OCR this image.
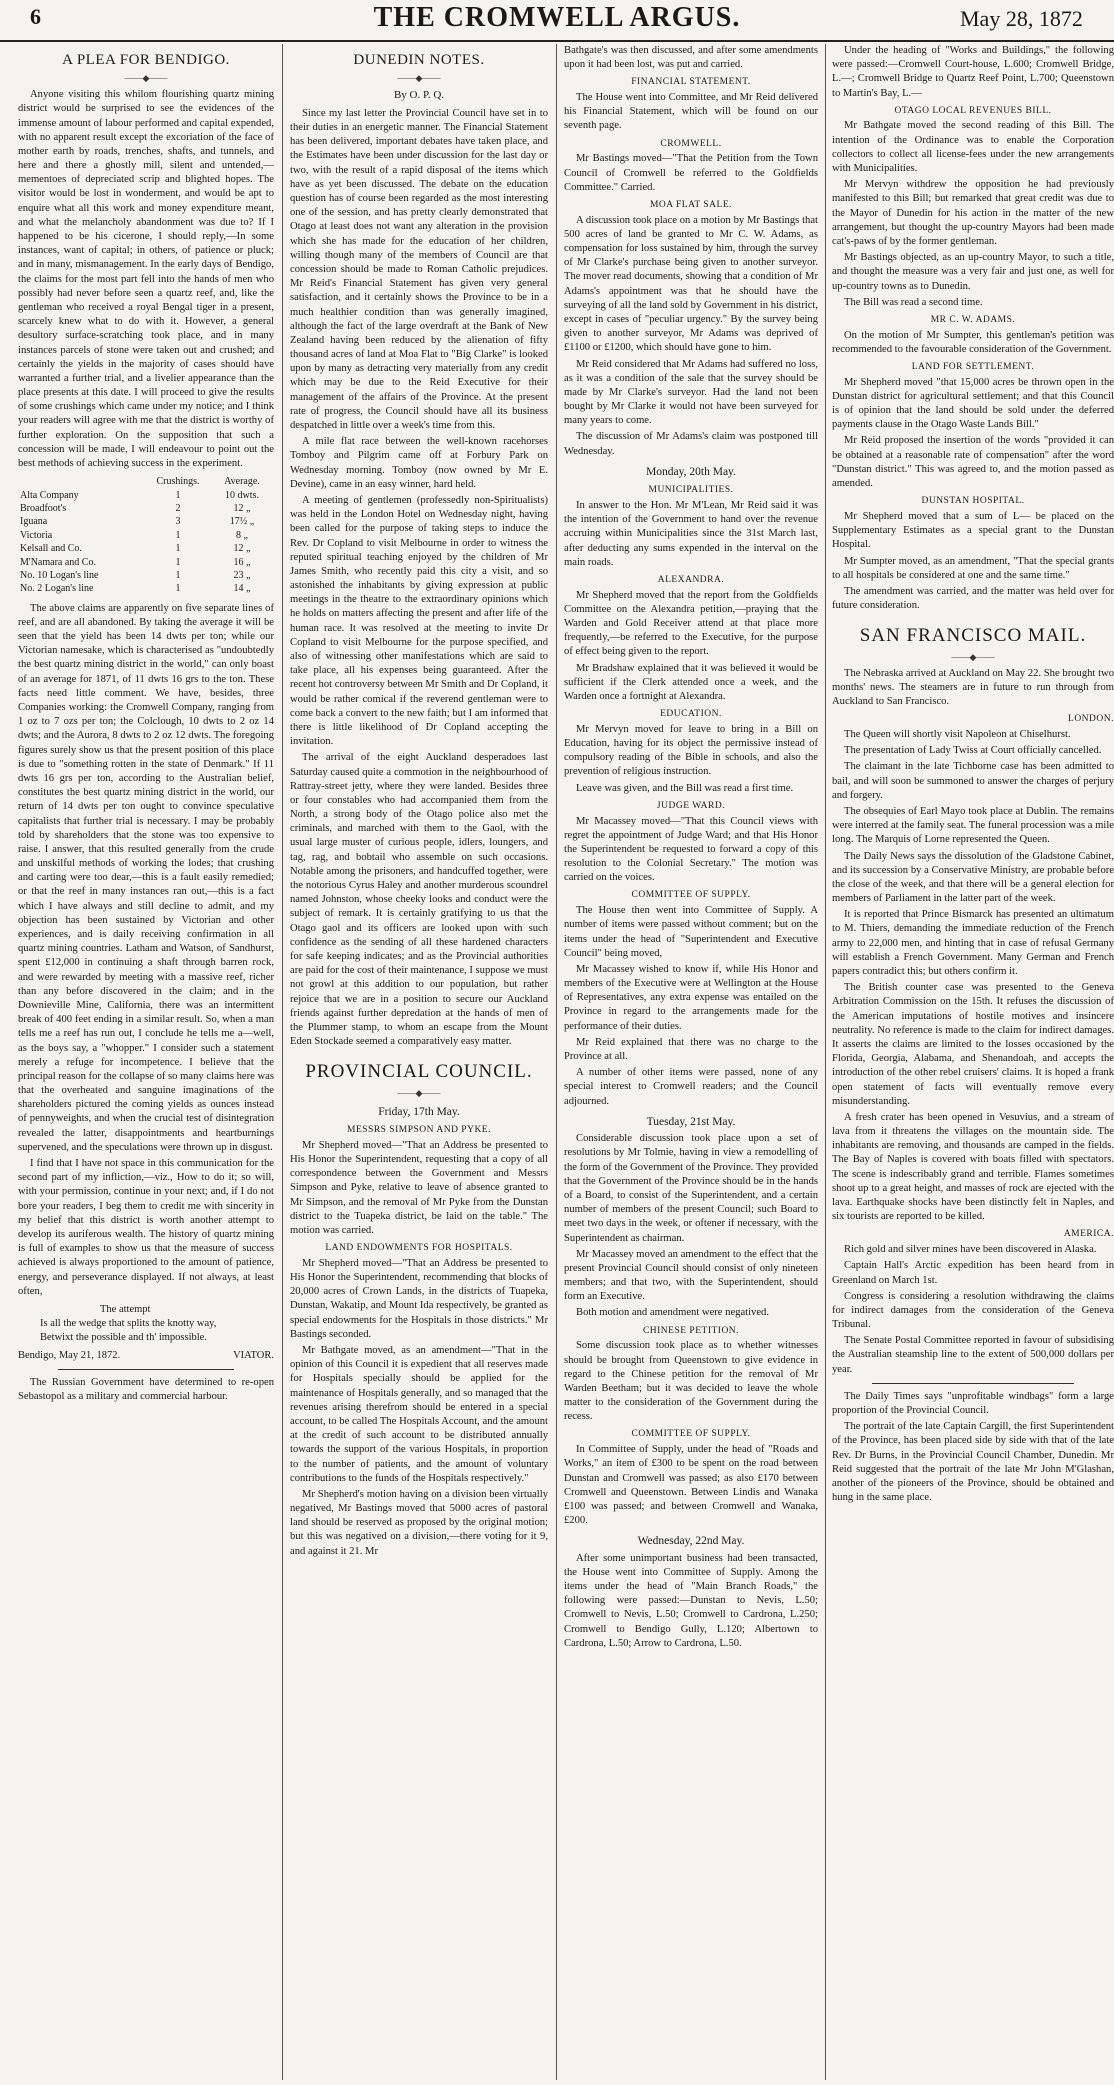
6	THE CROMWELL ARGUS.	May 28, 1872
A PLEA FOR BENDIGO.
——◆——

Anyone visiting this whilom flourishing quartz mining district would be surprised to see the evidences of the immense amount of labour performed and capital expended, with no apparent result except the excoriation of the face of mother earth by roads, trenches, shafts, and tunnels, and here and there a ghostly mill, silent and untended,—mementoes of depreciated scrip and blighted hopes. The visitor would be lost in wonderment, and would be apt to enquire what all this work and money expenditure meant, and what the melancholy abandonment was due to? If I happened to be his cicerone, I should reply,—In some instances, want of capital; in others, of patience or pluck; and in many, mismanagement. In the early days of Bendigo, the claims for the most part fell into the hands of men who possibly had never before seen a quartz reef, and, like the gentleman who received a royal Bengal tiger in a present, scarcely knew what to do with it. However, a general desultory surface-scratching took place, and in many instances parcels of stone were taken out and crushed; and certainly the yields in the majority of cases should have warranted a further trial, and a livelier appearance than the place presents at this date. I will proceed to give the results of some crushings which came under my notice; and I think your readers will agree with me that the district is worthy of further exploration. On the supposition that such a concession will be made, I will endeavour to point out the best methods of achieving success in the experiment.

	Crushings.	Average.
Alta Company	1	10 dwts.
Broadfoot's	2	12 „
Iguana	3	17½ „
Victoria	1	8 „
Kelsall and Co.	1	12 „
M'Namara and Co.	1	16 „
No. 10 Logan's line	1	23 „
No. 2 Logan's line	1	14 „

The above claims are apparently on five separate lines of reef, and are all abandoned. By taking the average it will be seen that the yield has been 14 dwts per ton; while our Victorian namesake, which is characterised as "undoubtedly the best quartz mining district in the world," can only boast of an average for 1871, of 11 dwts 16 grs to the ton. These facts need little comment. We have, besides, three Companies working: the Cromwell Company, ranging from 1 oz to 7 ozs per ton; the Colclough, 10 dwts to 2 oz 14 dwts; and the Aurora, 8 dwts to 2 oz 12 dwts. The foregoing figures surely show us that the present position of this place is due to "something rotten in the state of Denmark." If 11 dwts 16 grs per ton, according to the Australian belief, constitutes the best quartz mining district in the world, our return of 14 dwts per ton ought to convince speculative capitalists that further trial is necessary. I may be probably told by shareholders that the stone was too expensive to raise. I answer, that this resulted generally from the crude and unskilful methods of working the lodes; that crushing and carting were too dear,—this is a fault easily remedied; or that the reef in many instances ran out,—this is a fact which I have always and still decline to admit, and my objection has been sustained by Victorian and other experiences, and is daily receiving confirmation in all quartz mining countries. Latham and Watson, of Sandhurst, spent £12,000 in continuing a shaft through barren rock, and were rewarded by meeting with a massive reef, richer than any before discovered in the claim; and in the Downieville Mine, California, there was an intermittent break of 400 feet ending in a similar result. So, when a man tells me a reef has run out, I conclude he tells me a—well, as the boys say, a "whopper." I consider such a statement merely a refuge for incompetence. I believe that the principal reason for the collapse of so many claims here was that the overheated and sanguine imaginations of the shareholders pictured the coming yields as ounces instead of pennyweights, and when the crucial test of disintegration revealed the latter, disappointments and heartburnings supervened, and the speculations were thrown up in disgust.

I find that I have not space in this communication for the second part of my infliction,—viz., How to do it; so will, with your permission, continue in your next; and, if I do not bore your readers, I beg them to credit me with sincerity in my belief that this district is worth another attempt to develop its auriferous wealth. The history of quartz mining is full of examples to show us that the measure of success achieved is always proportioned to the amount of patience, energy, and perseverance displayed. If not always, at least often,

The attempt
Is all the wedge that splits the knotty way,
Betwixt the possible and th' impossible.
Bendigo, May 21, 1872.	VIATOR.

The Russian Government have determined to re-open Sebastopol as a military and commercial harbour.

DUNEDIN NOTES.
——◆——
By O. P. Q.

Since my last letter the Provincial Council have set in to their duties in an energetic manner. The Financial Statement has been delivered, important debates have taken place, and the Estimates have been under discussion for the last day or two, with the result of a rapid disposal of the items which have as yet been discussed. The debate on the education question has of course been regarded as the most interesting one of the session, and has pretty clearly demonstrated that Otago at least does not want any alteration in the provision which she has made for the education of her children, willing though many of the members of Council are that concession should be made to Roman Catholic prejudices. Mr Reid's Financial Statement has given very general satisfaction, and it certainly shows the Province to be in a much healthier condition than was generally imagined, although the fact of the large overdraft at the Bank of New Zealand having been reduced by the alienation of fifty thousand acres of land at Moa Flat to "Big Clarke" is looked upon by many as detracting very materially from any credit which may be due to the Reid Executive for their management of the affairs of the Province. At the present rate of progress, the Council should have all its business despatched in little over a week's time from this.

A mile flat race between the well-known racehorses Tomboy and Pilgrim came off at Forbury Park on Wednesday morning. Tomboy (now owned by Mr E. Devine), came in an easy winner, hard held.

A meeting of gentlemen (professedly non-Spiritualists) was held in the London Hotel on Wednesday night, having been called for the purpose of taking steps to induce the Rev. Dr Copland to visit Melbourne in order to witness the reputed spiritual teaching enjoyed by the children of Mr James Smith, who recently paid this city a visit, and so astonished the inhabitants by giving expression at public meetings in the theatre to the extraordinary opinions which he holds on matters affecting the present and after life of the human race. It was resolved at the meeting to invite Dr Copland to visit Melbourne for the purpose specified, and also of witnessing other manifestations which are said to take place, all his expenses being guaranteed. After the recent hot controversy between Mr Smith and Dr Copland, it would be rather comical if the reverend gentleman were to come back a convert to the new faith; but I am informed that there is little likelihood of Dr Copland accepting the invitation.

The arrival of the eight Auckland desperadoes last Saturday caused quite a commotion in the neighbourhood of Rattray-street jetty, where they were landed. Besides three or four constables who had accompanied them from the North, a strong body of the Otago police also met the criminals, and marched with them to the Gaol, with the usual large muster of curious people, idlers, loungers, and tag, rag, and bobtail who assemble on such occasions. Notable among the prisoners, and handcuffed together, were the notorious Cyrus Haley and another murderous scoundrel named Johnston, whose cheeky looks and conduct were the subject of remark. It is certainly gratifying to us that the Otago gaol and its officers are looked upon with such confidence as the sending of all these hardened characters for safe keeping indicates; and as the Provincial authorities are paid for the cost of their maintenance, I suppose we must not growl at this addition to our population, but rather rejoice that we are in a position to secure our Auckland friends against further depredation at the hands of men of the Plummer stamp, to whom an escape from the Mount Eden Stockade seemed a comparatively easy matter.

PROVINCIAL COUNCIL.
——◆——
Friday, 17th May.
MESSRS SIMPSON AND PYKE.

Mr Shepherd moved—"That an Address be presented to His Honor the Superintendent, requesting that a copy of all correspondence between the Government and Messrs Simpson and Pyke, relative to leave of absence granted to Mr Simpson, and the removal of Mr Pyke from the Dunstan district to the Tuapeka district, be laid on the table." The motion was carried.

LAND ENDOWMENTS FOR HOSPITALS.

Mr Shepherd moved—"That an Address be presented to His Honor the Superintendent, recommending that blocks of 20,000 acres of Crown Lands, in the districts of Tuapeka, Dunstan, Wakatip, and Mount Ida respectively, be granted as special endowments for the Hospitals in those districts." Mr Bastings seconded.

Mr Bathgate moved, as an amendment—"That in the opinion of this Council it is expedient that all reserves made for Hospitals specially should be applied for the maintenance of Hospitals generally, and so managed that the revenues arising therefrom should be entered in a special account, to be called The Hospitals Account, and the amount at the credit of such account to be distributed annually towards the support of the various Hospitals, in proportion to the number of patients, and the amount of voluntary contributions to the funds of the Hospitals respectively."

Mr Shepherd's motion having on a division been virtually negatived, Mr Bastings moved that 5000 acres of pastoral land should be reserved as proposed by the original motion; but this was negatived on a division,—there voting for it 9, and against it 21. Mr

Bathgate's was then discussed, and after some amendments upon it had been lost, was put and carried.

FINANCIAL STATEMENT.

The House went into Committee, and Mr Reid delivered his Financial Statement, which will be found on our seventh page.

CROMWELL.

Mr Bastings moved—"That the Petition from the Town Council of Cromwell be referred to the Goldfields Committee." Carried.

MOA FLAT SALE.

A discussion took place on a motion by Mr Bastings that 500 acres of land be granted to Mr C. W. Adams, as compensation for loss sustained by him, through the survey of Mr Clarke's purchase being given to another surveyor. The mover read documents, showing that a condition of Mr Adams's appointment was that he should have the surveying of all the land sold by Government in his district, except in cases of "peculiar urgency." By the survey being given to another surveyor, Mr Adams was deprived of £1100 or £1200, which should have gone to him.

Mr Reid considered that Mr Adams had suffered no loss, as it was a condition of the sale that the survey should be made by Mr Clarke's surveyor. Had the land not been bought by Mr Clarke it would not have been surveyed for many years to come.

The discussion of Mr Adams's claim was postponed till Wednesday.

Monday, 20th May.
MUNICIPALITIES.

In answer to the Hon. Mr M'Lean, Mr Reid said it was the intention of the Government to hand over the revenue accruing within Municipalities since the 31st March last, after deducting any sums expended in the interval on the main roads.

ALEXANDRA.

Mr Shepherd moved that the report from the Goldfields Committee on the Alexandra petition,—praying that the Warden and Gold Receiver attend at that place more frequently,—be referred to the Executive, for the purpose of effect being given to the report.

Mr Bradshaw explained that it was believed it would be sufficient if the Clerk attended once a week, and the Warden once a fortnight at Alexandra.

EDUCATION.

Mr Mervyn moved for leave to bring in a Bill on Education, having for its object the permissive instead of compulsory reading of the Bible in schools, and also the prevention of religious instruction.

Leave was given, and the Bill was read a first time.

JUDGE WARD.

Mr Macassey moved—"That this Council views with regret the appointment of Judge Ward; and that His Honor the Superintendent be requested to forward a copy of this resolution to the Colonial Secretary." The motion was carried on the voices.

COMMITTEE OF SUPPLY.

The House then went into Committee of Supply. A number of items were passed without comment; but on the items under the head of "Superintendent and Executive Council" being moved,

Mr Macassey wished to know if, while His Honor and members of the Executive were at Wellington at the House of Representatives, any extra expense was entailed on the Province in regard to the arrangements made for the performance of their duties.

Mr Reid explained that there was no charge to the Province at all.

A number of other items were passed, none of any special interest to Cromwell readers; and the Council adjourned.

Tuesday, 21st May.

Considerable discussion took place upon a set of resolutions by Mr Tolmie, having in view a remodelling of the form of the Government of the Province. They provided that the Government of the Province should be in the hands of a Board, to consist of the Superintendent, and a certain number of members of the present Council; such Board to meet two days in the week, or oftener if necessary, with the Superintendent as chairman.

Mr Macassey moved an amendment to the effect that the present Provincial Council should consist of only nineteen members; and that two, with the Superintendent, should form an Executive.

Both motion and amendment were negatived.

CHINESE PETITION.

Some discussion took place as to whether witnesses should be brought from Queenstown to give evidence in regard to the Chinese petition for the removal of Mr Warden Beetham; but it was decided to leave the whole matter to the consideration of the Government during the recess.

COMMITTEE OF SUPPLY.

In Committee of Supply, under the head of "Roads and Works," an item of £300 to be spent on the road between Dunstan and Cromwell was passed; as also £170 between Cromwell and Queenstown. Between Lindis and Wanaka £100 was passed; and between Cromwell and Wanaka, £200.

Wednesday, 22nd May.

After some unimportant business had been transacted, the House went into Committee of Supply. Among the items under the head of "Main Branch Roads," the following were passed:—Dunstan to Nevis, L.50; Cromwell to Nevis, L.50; Cromwell to Cardrona, L.250; Cromwell to Bendigo Gully, L.120; Albertown to Cardrona, L.50; Arrow to Cardrona, L.50.

Under the heading of "Works and Buildings," the following were passed:—Cromwell Court-house, L.600; Cromwell Bridge, L.—; Cromwell Bridge to Quartz Reef Point, L.700; Queenstown to Martin's Bay, L.—

OTAGO LOCAL REVENUES BILL.

Mr Bathgate moved the second reading of this Bill. The intention of the Ordinance was to enable the Corporation collectors to collect all license-fees under the new arrangements with Municipalities.

Mr Mervyn withdrew the opposition he had previously manifested to this Bill; but remarked that great credit was due to the Mayor of Dunedin for his action in the matter of the new arrangement, but thought the up-country Mayors had been made cat's-paws of by the former gentleman.

Mr Bastings objected, as an up-country Mayor, to such a title, and thought the measure was a very fair and just one, as well for up-country towns as to Dunedin.

The Bill was read a second time.

MR C. W. ADAMS.

On the motion of Mr Sumpter, this gentleman's petition was recommended to the favourable consideration of the Government.

LAND FOR SETTLEMENT.

Mr Shepherd moved "that 15,000 acres be thrown open in the Dunstan district for agricultural settlement; and that this Council is of opinion that the land should be sold under the deferred payments clause in the Otago Waste Lands Bill."

Mr Reid proposed the insertion of the words "provided it can be obtained at a reasonable rate of compensation" after the word "Dunstan district." This was agreed to, and the motion passed as amended.

DUNSTAN HOSPITAL.

Mr Shepherd moved that a sum of L— be placed on the Supplementary Estimates as a special grant to the Dunstan Hospital.

Mr Sumpter moved, as an amendment, "That the special grants to all hospitals be considered at one and the same time."

The amendment was carried, and the matter was held over for future consideration.

SAN FRANCISCO MAIL.
——◆——

The Nebraska arrived at Auckland on May 22. She brought two months' news. The steamers are in future to run through from Auckland to San Francisco.

LONDON.

The Queen will shortly visit Napoleon at Chiselhurst.

The presentation of Lady Twiss at Court officially cancelled.

The claimant in the late Tichborne case has been admitted to bail, and will soon be summoned to answer the charges of perjury and forgery.

The obsequies of Earl Mayo took place at Dublin. The remains were interred at the family seat. The funeral procession was a mile long. The Marquis of Lorne represented the Queen.

The Daily News says the dissolution of the Gladstone Cabinet, and its succession by a Conservative Ministry, are probable before the close of the week, and that there will be a general election for members of Parliament in the latter part of the week.

It is reported that Prince Bismarck has presented an ultimatum to M. Thiers, demanding the immediate reduction of the French army to 22,000 men, and hinting that in case of refusal Germany will establish a French Government. Many German and French papers contradict this; but others confirm it.

The British counter case was presented to the Geneva Arbitration Commission on the 15th. It refuses the discussion of the American imputations of hostile motives and insincere neutrality. No reference is made to the claim for indirect damages. It asserts the claims are limited to the losses occasioned by the Florida, Georgia, Alabama, and Shenandoah, and accepts the introduction of the other rebel cruisers' claims. It is hoped a frank open statement of facts will eventually remove every misunderstanding.

A fresh crater has been opened in Vesuvius, and a stream of lava from it threatens the villages on the mountain side. The inhabitants are removing, and thousands are camped in the fields. The Bay of Naples is covered with boats filled with spectators. The scene is indescribably grand and terrible. Flames sometimes shoot up to a great height, and masses of rock are ejected with the lava. Earthquake shocks have been distinctly felt in Naples, and six tourists are reported to be killed.

AMERICA.

Rich gold and silver mines have been discovered in Alaska.

Captain Hall's Arctic expedition has been heard from in Greenland on March 1st.

Congress is considering a resolution withdrawing the claims for indirect damages from the consideration of the Geneva Tribunal.

The Senate Postal Committee reported in favour of subsidising the Australian steamship line to the extent of 500,000 dollars per year.

The Daily Times says "unprofitable windbags" form a large proportion of the Provincial Council.

The portrait of the late Captain Cargill, the first Superintendent of the Province, has been placed side by side with that of the late Rev. Dr Burns, in the Provincial Council Chamber, Dunedin. Mr Reid suggested that the portrait of the late Mr John M'Glashan, another of the pioneers of the Province, should be obtained and hung in the same place.
